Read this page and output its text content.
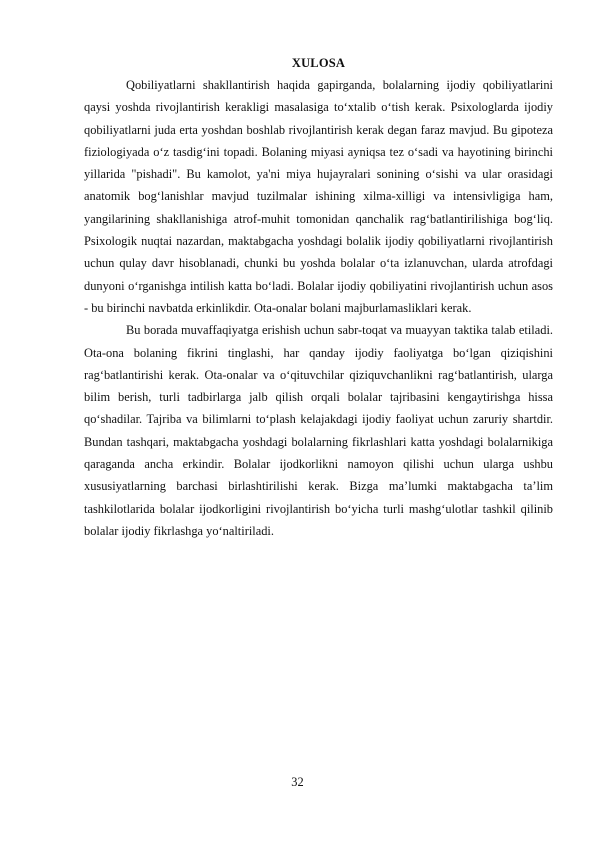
XULOSA

Qobiliyatlarni shakllantirish haqida gapirganda, bolalarning ijodiy qobiliyatlarini qaysi yoshda rivojlantirish kerakligi masalasiga to‘xtalib o‘tish kerak. Psixologlarda ijodiy qobiliyatlarni juda erta yoshdan boshlab rivojlantirish kerak degan faraz mavjud. Bu gipoteza fiziologiyada o‘z tasdig‘ini topadi. Bolaning miyasi ayniqsa tez o‘sadi va hayotining birinchi yillarida "pishadi". Bu kamolot, ya'ni miya hujayralari sonining o‘sishi va ular orasidagi anatomik bog‘lanishlar mavjud tuzilmalar ishining xilma-xilligi va intensivligiga ham, yangilarining shakllanishiga atrof-muhit tomonidan qanchalik rag‘batlantirilishiga bog‘liq. Psixologik nuqtai nazardan, maktabgacha yoshdagi bolalik ijodiy qobiliyatlarni rivojlantirish uchun qulay davr hisoblanadi, chunki bu yoshda bolalar o‘ta izlanuvchan, ularda atrofdagi dunyoni o‘rganishga intilish katta bo‘ladi. Bolalar ijodiy qobiliyatini rivojlantirish uchun asos - bu birinchi navbatda erkinlikdir. Ota-onalar bolani majburlamasliklari kerak.

Bu borada muvaffaqiyatga erishish uchun sabr-toqat va muayyan taktika talab etiladi. Ota-ona bolaning fikrini tinglashi, har qanday ijodiy faoliyatga bo‘lgan qiziqishini rag‘batlantirishi kerak. Ota-onalar va o‘qituvchilar qiziquvchanlikni rag‘batlantirish, ularga bilim berish, turli tadbirlarga jalb qilish orqali bolalar tajribasini kengaytirishga hissa qo‘shadilar. Tajriba va bilimlarni to‘plash kelajakdagi ijodiy faoliyat uchun zaruriy shartdir. Bundan tashqari, maktabgacha yoshdagi bolalarning fikrlashlari katta yoshdagi bolalarnikiga qaraganda ancha erkindir. Bolalar ijodkorlikni namoyon qilishi uchun ularga ushbu xususiyatlarning barchasi birlashtirilishi kerak. Bizga ma’lumki maktabgacha ta’lim tashkilotlarida bolalar ijodkorligini rivojlantirish bo‘yicha turli mashg‘ulotlar tashkil qilinib bolalar ijodiy fikrlashga yo‘naltiriladi.

32
